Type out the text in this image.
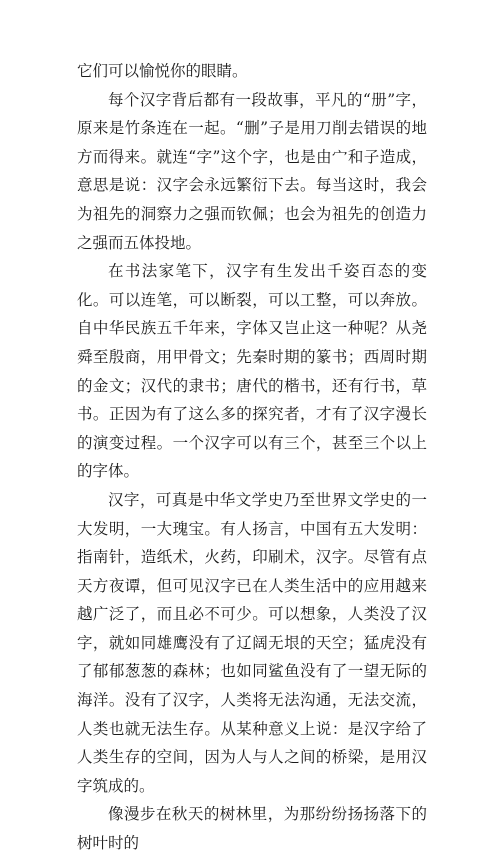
它们可以愉悦你的眼睛。

每个汉字背后都有一段故事，平凡的“册”字，原来是竹条连在一起。“删”子是用刀削去错误的地方而得来。就连“字”这个字，也是由宀和子造成，意思是说：汉字会永远繁衍下去。每当这时，我会为祖先的洞察力之强而钦佩；也会为祖先的创造力之强而五体投地。

在书法家笔下，汉字有生发出千姿百态的变化。可以连笔，可以断裂，可以工整，可以奔放。自中华民族五千年来，字体又岂止这一种呢？从尧舜至殷商，用甲骨文；先秦时期的篆书；西周时期的金文；汉代的隶书；唐代的楷书，还有行书，草书。正因为有了这么多的探究者，才有了汉字漫长的演变过程。一个汉字可以有三个，甚至三个以上的字体。

汉字，可真是中华文学史乃至世界文学史的一大发明，一大瑰宝。有人扬言，中国有五大发明：指南针，造纸术，火药，印刷术，汉字。尽管有点天方夜谭，但可见汉字已在人类生活中的应用越来越广泛了，而且必不可少。可以想象，人类没了汉字，就如同雄鹰没有了辽阔无垠的天空；猛虎没有了郁郁葱葱的森林；也如同鲨鱼没有了一望无际的海洋。没有了汉字，人类将无法沟通，无法交流，人类也就无法生存。从某种意义上说：是汉字给了人类生存的空间，因为人与人之间的桥梁，是用汉字筑成的。

像漫步在秋天的树林里，为那纷纷扬扬落下的树叶时的
